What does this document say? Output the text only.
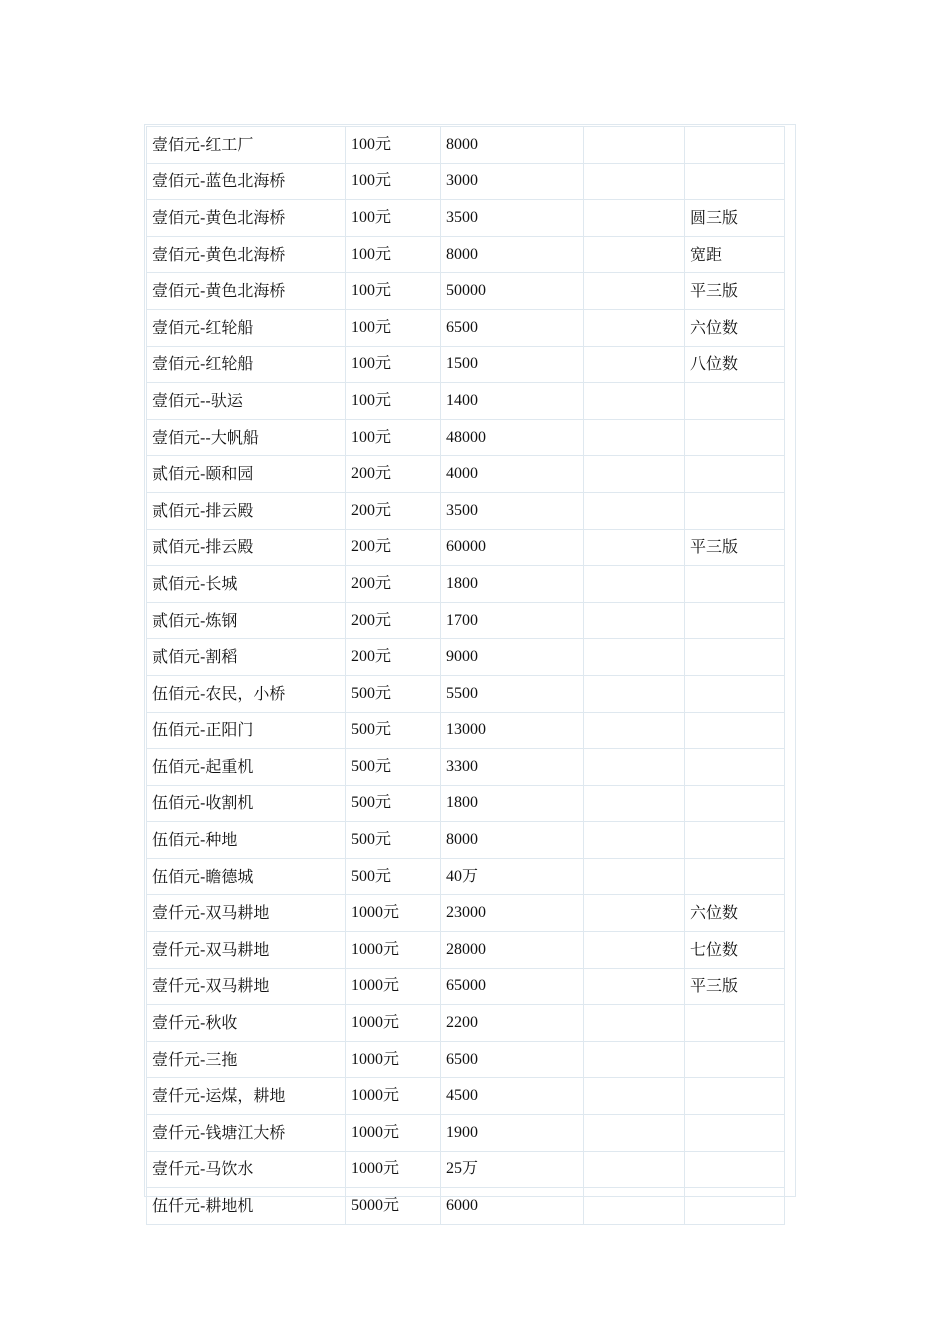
壹佰元-红工厂	100元	8000		
壹佰元-蓝色北海桥	100元	3000		
壹佰元-黄色北海桥	100元	3500		圆三版
壹佰元-黄色北海桥	100元	8000		宽距
壹佰元-黄色北海桥	100元	50000		平三版
壹佰元-红轮船	100元	6500		六位数
壹佰元-红轮船	100元	1500		八位数
壹佰元--驮运	100元	1400		
壹佰元--大帆船	100元	48000		
贰佰元-颐和园	200元	4000		
贰佰元-排云殿	200元	3500		
贰佰元-排云殿	200元	60000		平三版
贰佰元-长城	200元	1800		
贰佰元-炼钢	200元	1700		
贰佰元-割稻	200元	9000		
伍佰元-农民，小桥	500元	5500		
伍佰元-正阳门	500元	13000		
伍佰元-起重机	500元	3300		
伍佰元-收割机	500元	1800		
伍佰元-种地	500元	8000		
伍佰元-瞻德城	500元	40万		
壹仟元-双马耕地	1000元	23000		六位数
壹仟元-双马耕地	1000元	28000		七位数
壹仟元-双马耕地	1000元	65000		平三版
壹仟元-秋收	1000元	2200		
壹仟元-三拖	1000元	6500		
壹仟元-运煤，耕地	1000元	4500		
壹仟元-钱塘江大桥	1000元	1900		
壹仟元-马饮水	1000元	25万		
伍仟元-耕地机	5000元	6000		
